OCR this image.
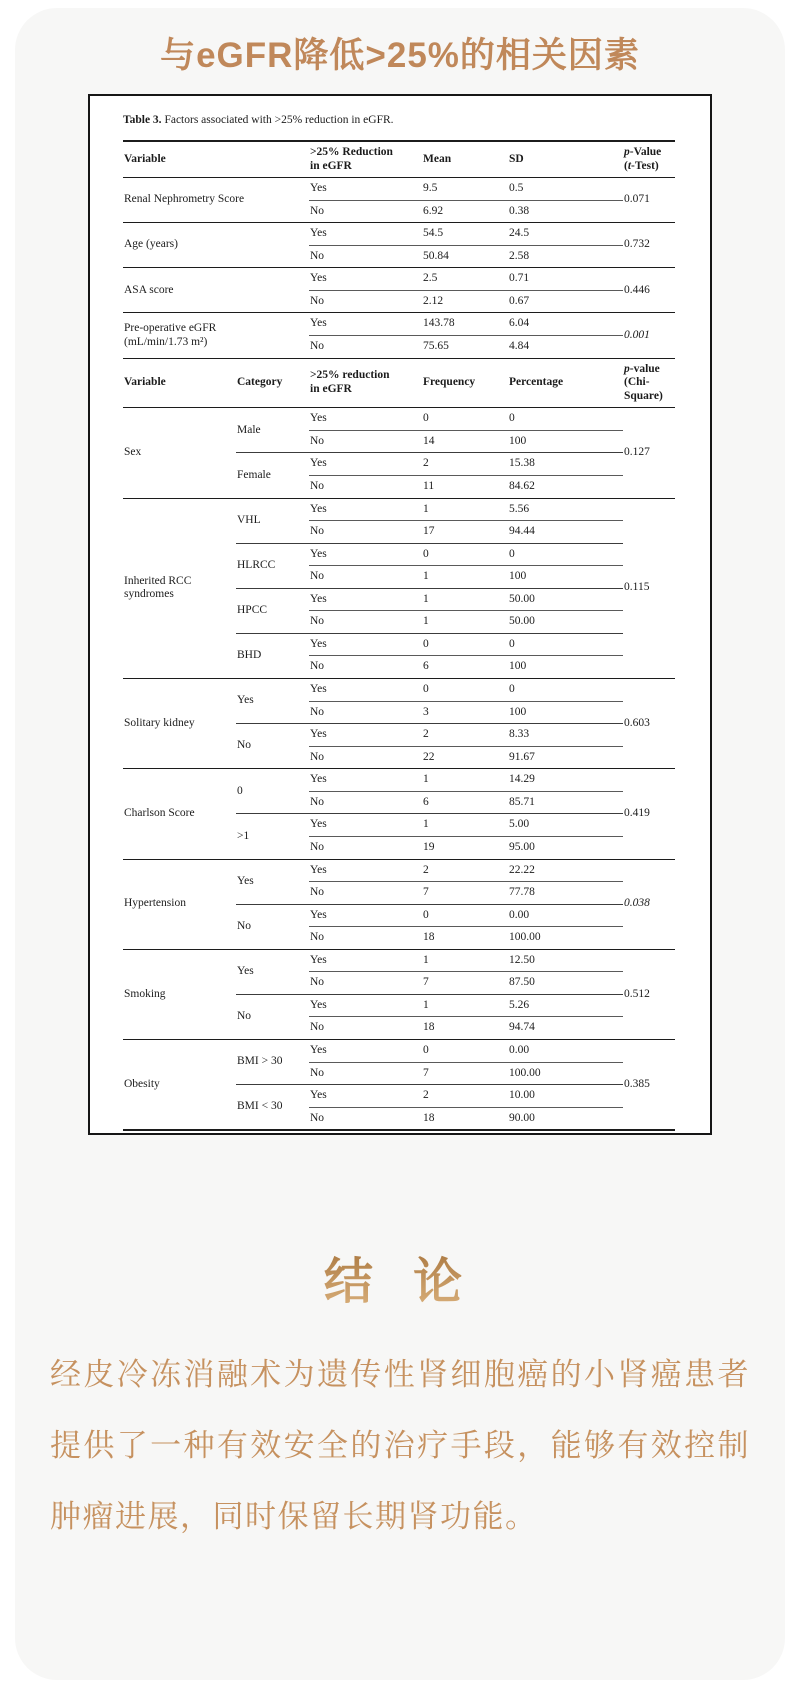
与eGFR降低>25%的相关因素
Table 3. Factors associated with >25% reduction in eGFR.
Variable		>25% Reduction
in eGFR	Mean	SD	p-Value
(t-Test)
Renal Nephrometry Score		Yes	9.5	0.5	0.071
		No	6.92	0.38	
Age (years)		Yes	54.5	24.5	0.732
		No	50.84	2.58	
ASA score		Yes	2.5	0.71	0.446
		No	2.12	0.67	
Pre-operative eGFR
(mL/min/1.73 m²)		Yes	143.78	6.04	0.001
		No	75.65	4.84	
Variable	Category	>25% reduction
in eGFR	Frequency	Percentage	p-value
(Chi-Square)
Sex	Male	Yes	0	0	0.127
		No	14	100	
	Female	Yes	2	15.38	
		No	11	84.62	
Inherited RCC syndromes	VHL	Yes	1	5.56	0.115
		No	17	94.44	
	HLRCC	Yes	0	0	
		No	1	100	
	HPCC	Yes	1	50.00	
		No	1	50.00	
	BHD	Yes	0	0	
		No	6	100	
Solitary kidney	Yes	Yes	0	0	0.603
		No	3	100	
	No	Yes	2	8.33	
		No	22	91.67	
Charlson Score	0	Yes	1	14.29	0.419
		No	6	85.71	
	>1	Yes	1	5.00	
		No	19	95.00	
Hypertension	Yes	Yes	2	22.22	0.038
		No	7	77.78	
	No	Yes	0	0.00	
		No	18	100.00	
Smoking	Yes	Yes	1	12.50	0.512
		No	7	87.50	
	No	Yes	1	5.26	
		No	18	94.74	
Obesity	BMI > 30	Yes	0	0.00	0.385
		No	7	100.00	
	BMI < 30	Yes	2	10.00	
		No	18	90.00	
结 论
经皮冷冻消融术为遗传性肾细胞癌的小肾癌患者提供了一种有效安全的治疗手段，能够有效控制肿瘤进展，同时保留长期肾功能。
